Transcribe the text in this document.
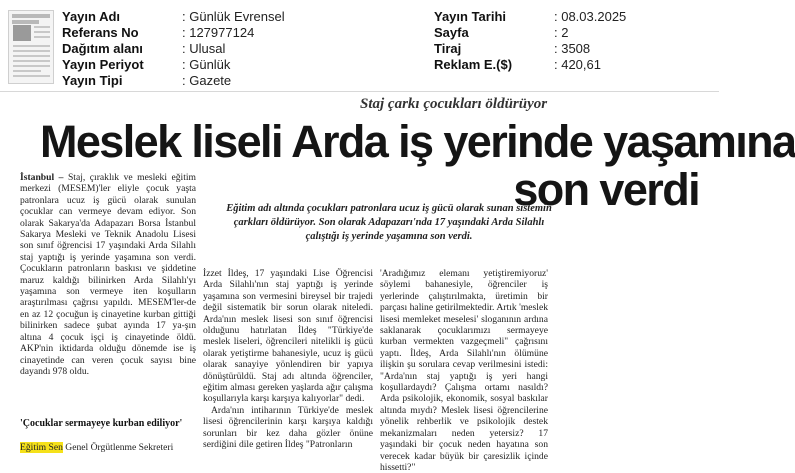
Yayın Adı	: Günlük Evrensel
Referans No	: 127977124
Dağıtım alanı	: Ulusal
Yayın Periyot	: Günlük
Yayın Tipi	: Gazete
Yayın Tarihi	: 08.03.2025
Sayfa	: 2
Tiraj	: 3508
Reklam E.($)	: 420,61
Staj çarkı çocukları öldürüyor
Meslek liseli Arda iş yerinde yaşamına
son verdi
Eğitim adı altında çocukları patronlara ucuz iş gücü olarak sunan sistemin çarkları öldürüyor. Son olarak Adapazarı'nda 17 yaşındaki Arda Silahlı çalıştığı iş yerinde yaşamına son verdi.
İstanbul – Staj, çıraklık ve mesleki eğitim merkezi (MESEM)'ler eliyle çocuk yaşta patronlara ucuz iş gücü olarak sunulan çocuklar can vermeye devam ediyor. Son olarak Sakarya'da Adapazarı Borsa İstanbul Sakarya Mesleki ve Teknik Anadolu Lisesi son sınıf öğrencisi 17 yaşındaki Arda Silahlı staj yaptığı iş yerinde yaşamına son verdi. Çocukların patronların baskısı ve şiddetine maruz kaldığı bilinirken Arda Silahlı'yı yaşamına son vermeye iten koşulların araştırılması çağrısı yapıldı. MESEM'ler-de en az 12 çocuğun iş cinayetine kurban gittiği bilinirken sadece şubat ayında 17 ya-şın altına 4 çocuk işçi iş cinayetinde öldü. AKP'nin iktidarda olduğu dönemde ise iş cinayetinde can veren çocuk sayısı bine dayandı 978 oldu.
'Çocuklar sermayeye kurban ediliyor'
Eğitim Sen Genel Örgütlenme Sekreteri
İzzet İldeş, 17 yaşındaki Lise Öğrencisi Arda Silahlı'nın staj yaptığı iş yerinde yaşamına son vermesini bireysel bir trajedi değil sistematik bir sorun olarak niteledi. Arda'nın meslek lisesi son sınıf öğrencisi olduğunu hatırlatan İldeş "Türkiye'de meslek liseleri, öğrencileri nitelikli iş gücü olarak yetiştirme bahanesiyle, ucuz iş gücü olarak sanayiye yönlendiren bir yapıya dönüştürüldü. Staj adı altında öğrenciler, eğitim alması gereken yaşlarda ağır çalışma koşullarıyla karşı karşıya kalıyorlar" dedi.
Arda'nın intiharının Türkiye'de meslek lisesi öğrencilerinin karşı karşıya kaldığı sorunları bir kez daha gözler önüne serdiğini dile getiren İldeş "Patronların
'Aradığımız elemanı yetiştiremiyoruz' söylemi bahanesiyle, öğrenciler iş yerlerinde çalıştırılmakta, üretimin bir parçası haline getirilmektedir. Artık 'meslek lisesi memleket meselesi' sloganının ardına saklanarak çocuklarımızı sermayeye kurban vermekten vazgeçmeli" çağrısını yaptı. İldeş, Arda Silahlı'nın ölümüne ilişkin şu sorulara cevap verilmesini istedi: "Arda'nın staj yaptığı iş yeri hangi koşullardaydı? Çalışma ortamı nasıldı? Arda psikolojik, ekonomik, sosyal baskılar altında mıydı? Meslek lisesi öğrencilerine yönelik rehberlik ve psikolojik destek mekanizmaları neden yetersiz? 17 yaşındaki bir çocuk neden hayatına son verecek kadar büyük bir çaresizlik içinde hissetti?"
